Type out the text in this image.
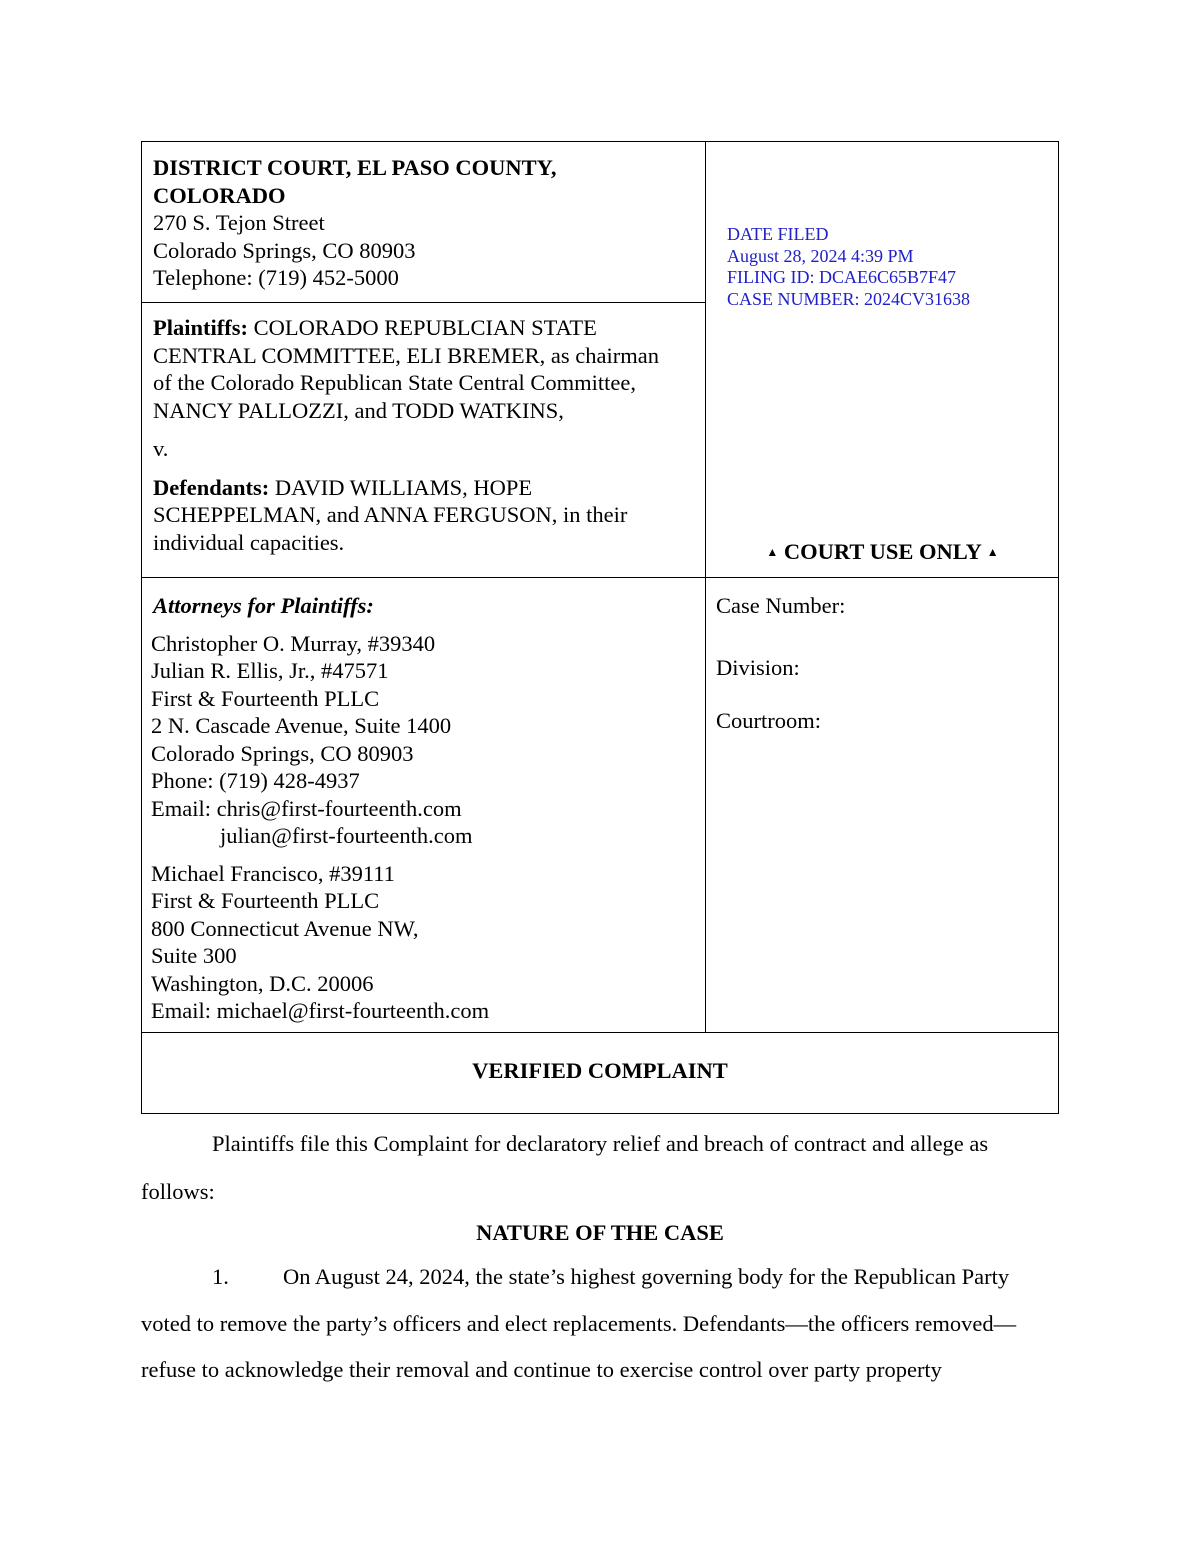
DISTRICT COURT, EL PASO COUNTY,
COLORADO
270 S. Tejon Street
Colorado Springs, CO 80903
Telephone: (719) 452-5000
DATE FILED
August 28, 2024 4:39 PM
FILING ID: DCAE6C65B7F47
CASE NUMBER: 2024CV31638
Plaintiffs: COLORADO REPUBLCIAN STATE
CENTRAL COMMITTEE, ELI BREMER, as chairman
of the Colorado Republican State Central Committee,
NANCY PALLOZZI, and TODD WATKINS,
v.
Defendants: DAVID WILLIAMS, HOPE
SCHEPPELMAN, and ANNA FERGUSON, in their
individual capacities.	▲ COURT USE ONLY ▲
Attorneys for Plaintiffs:
Christopher O. Murray, #39340
Julian R. Ellis, Jr., #47571
First & Fourteenth PLLC
2 N. Cascade Avenue, Suite 1400
Colorado Springs, CO 80903
Phone: (719) 428-4937
Email: chris@first-fourteenth.com
julian@first-fourteenth.com
Michael Francisco, #39111
First & Fourteenth PLLC
800 Connecticut Avenue NW,
Suite 300
Washington, D.C. 20006
Email: michael@first-fourteenth.com
Case Number:
Division:
Courtroom:
VERIFIED COMPLAINT
Plaintiffs file this Complaint for declaratory relief and breach of contract and allege as
follows:
NATURE OF THE CASE
1. On August 24, 2024, the state’s highest governing body for the Republican Party
voted to remove the party’s officers and elect replacements. Defendants—the officers removed—
refuse to acknowledge their removal and continue to exercise control over party property
